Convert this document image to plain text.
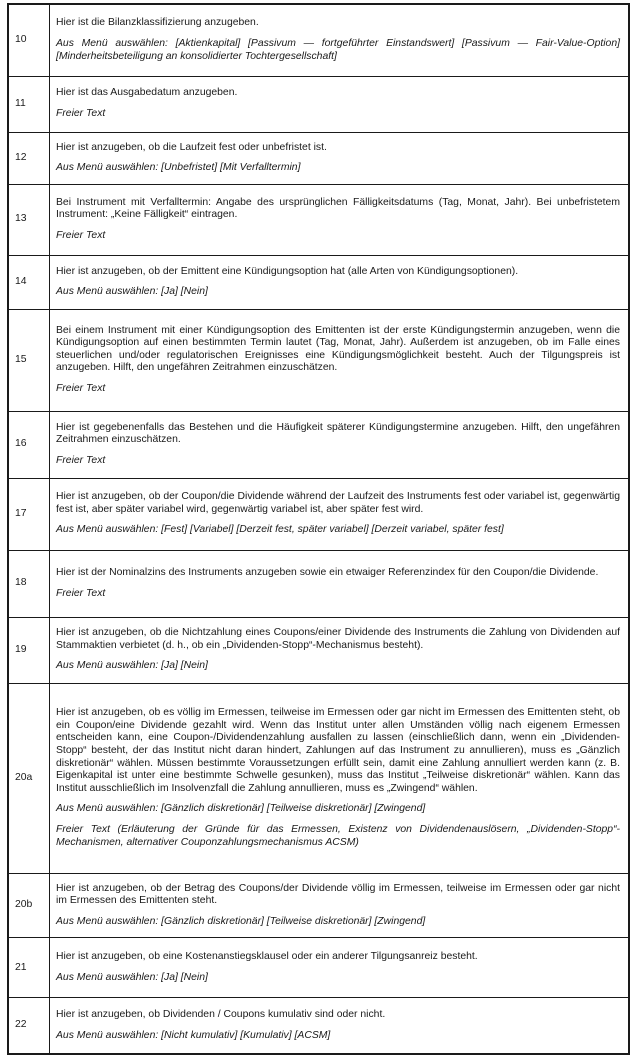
10	Hier ist die Bilanzklassifizierung anzugeben.

Aus Menü auswählen: [Aktienkapital] [Passivum — fortgeführter Einstandswert] [Passivum — Fair-Value-Option] [Minderheitsbeteiligung an konsolidierter Tochtergesellschaft]

11	Hier ist das Ausgabedatum anzugeben.

Freier Text

12	Hier ist anzugeben, ob die Laufzeit fest oder unbefristet ist.

Aus Menü auswählen: [Unbefristet] [Mit Verfalltermin]

13	Bei Instrument mit Verfalltermin: Angabe des ursprünglichen Fälligkeitsdatums (Tag, Monat, Jahr). Bei unbefristetem Instrument: „Keine Fälligkeit“ eintragen.

Freier Text

14	Hier ist anzugeben, ob der Emittent eine Kündigungsoption hat (alle Arten von Kündigungsoptionen).

Aus Menü auswählen: [Ja] [Nein]

15	Bei einem Instrument mit einer Kündigungsoption des Emittenten ist der erste Kündigungstermin anzugeben, wenn die Kündigungsoption auf einen bestimmten Termin lautet (Tag, Monat, Jahr). Außerdem ist anzugeben, ob im Falle eines steuerlichen und/oder regulatorischen Ereignisses eine Kündigungsmöglichkeit besteht. Auch der Tilgungspreis ist anzugeben. Hilft, den ungefähren Zeitrahmen einzuschätzen.

Freier Text

16	Hier ist gegebenenfalls das Bestehen und die Häufigkeit späterer Kündigungstermine anzugeben. Hilft, den ungefähren Zeitrahmen einzuschätzen.

Freier Text

17	Hier ist anzugeben, ob der Coupon/die Dividende während der Laufzeit des Instruments fest oder variabel ist, gegenwärtig fest ist, aber später variabel wird, gegenwärtig variabel ist, aber später fest wird.

Aus Menü auswählen: [Fest] [Variabel] [Derzeit fest, später variabel] [Derzeit variabel, später fest]

18	Hier ist der Nominalzins des Instruments anzugeben sowie ein etwaiger Referenzindex für den Coupon/die Dividende.

Freier Text

19	Hier ist anzugeben, ob die Nichtzahlung eines Coupons/einer Dividende des Instruments die Zahlung von Dividenden auf Stammaktien verbietet (d. h., ob ein „Dividenden-Stopp“-Mechanismus besteht).

Aus Menü auswählen: [Ja] [Nein]

20a	Hier ist anzugeben, ob es völlig im Ermessen, teilweise im Ermessen oder gar nicht im Ermessen des Emittenten steht, ob ein Coupon/eine Dividende gezahlt wird. Wenn das Institut unter allen Umständen völlig nach eigenem Ermessen entscheiden kann, eine Coupon-/Dividendenzahlung ausfallen zu lassen (einschließlich dann, wenn ein „Dividenden-Stopp“ besteht, der das Institut nicht daran hindert, Zahlungen auf das Instrument zu annullieren), muss es „Gänzlich diskretionär“ wählen. Müssen bestimmte Voraussetzungen erfüllt sein, damit eine Zahlung annulliert werden kann (z. B. Eigenkapital ist unter eine bestimmte Schwelle gesunken), muss das Institut „Teilweise diskretionär“ wählen. Kann das Institut ausschließlich im Insolvenzfall die Zahlung annullieren, muss es „Zwingend“ wählen.

Aus Menü auswählen: [Gänzlich diskretionär] [Teilweise diskretionär] [Zwingend]

Freier Text (Erläuterung der Gründe für das Ermessen, Existenz von Dividendenauslösern, „Dividenden-Stopp“-Mechanismen, alternativer Couponzahlungsmechanismus ACSM)

20b	Hier ist anzugeben, ob der Betrag des Coupons/der Dividende völlig im Ermessen, teilweise im Ermessen oder gar nicht im Ermessen des Emittenten steht.

Aus Menü auswählen: [Gänzlich diskretionär] [Teilweise diskretionär] [Zwingend]

21	Hier ist anzugeben, ob eine Kostenanstiegsklausel oder ein anderer Tilgungsanreiz besteht.

Aus Menü auswählen: [Ja] [Nein]

22	Hier ist anzugeben, ob Dividenden / Coupons kumulativ sind oder nicht.

Aus Menü auswählen: [Nicht kumulativ] [Kumulativ] [ACSM]
